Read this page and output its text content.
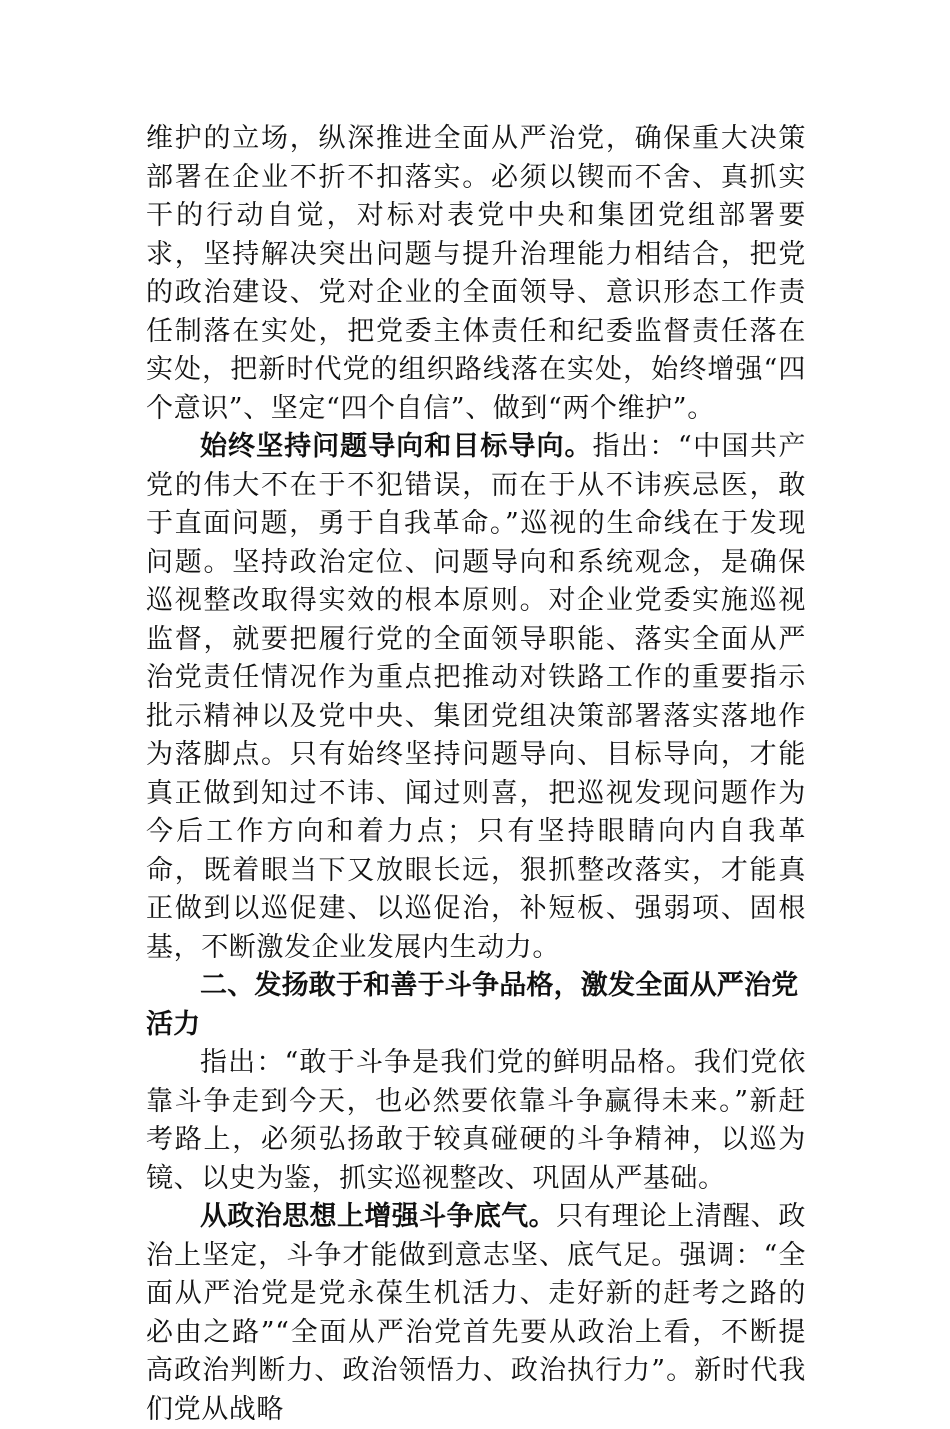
维护的立场，纵深推进全面从严治党，确保重大决策部署在企业不折不扣落实。必须以锲而不舍、真抓实干的行动自觉，对标对表党中央和集团党组部署要求，坚持解决突出问题与提升治理能力相结合，把党的政治建设、党对企业的全面领导、意识形态工作责任制落在实处，把党委主体责任和纪委监督责任落在实处，把新时代党的组织路线落在实处，始终增强“四个意识”、坚定“四个自信”、做到“两个维护”。

始终坚持问题导向和目标导向。指出：“中国共产党的伟大不在于不犯错误，而在于从不讳疾忌医，敢于直面问题，勇于自我革命。”巡视的生命线在于发现问题。坚持政治定位、问题导向和系统观念，是确保巡视整改取得实效的根本原则。对企业党委实施巡视监督，就要把履行党的全面领导职能、落实全面从严治党责任情况作为重点把推动对铁路工作的重要指示批示精神以及党中央、集团党组决策部署落实落地作为落脚点。只有始终坚持问题导向、目标导向，才能真正做到知过不讳、闻过则喜，把巡视发现问题作为今后工作方向和着力点；只有坚持眼睛向内自我革命，既着眼当下又放眼长远，狠抓整改落实，才能真正做到以巡促建、以巡促治，补短板、强弱项、固根基，不断激发企业发展内生动力。

二、发扬敢于和善于斗争品格，激发全面从严治党活力

指出：“敢于斗争是我们党的鲜明品格。我们党依靠斗争走到今天，也必然要依靠斗争赢得未来。”新赶考路上，必须弘扬敢于较真碰硬的斗争精神，以巡为镜、以史为鉴，抓实巡视整改、巩固从严基础。

从政治思想上增强斗争底气。只有理论上清醒、政治上坚定，斗争才能做到意志坚、底气足。强调：“全面从严治党是党永葆生机活力、走好新的赶考之路的必由之路”“全面从严治党首先要从政治上看，不断提高政治判断力、政治领悟力、政治执行力”。新时代我们党从战略
